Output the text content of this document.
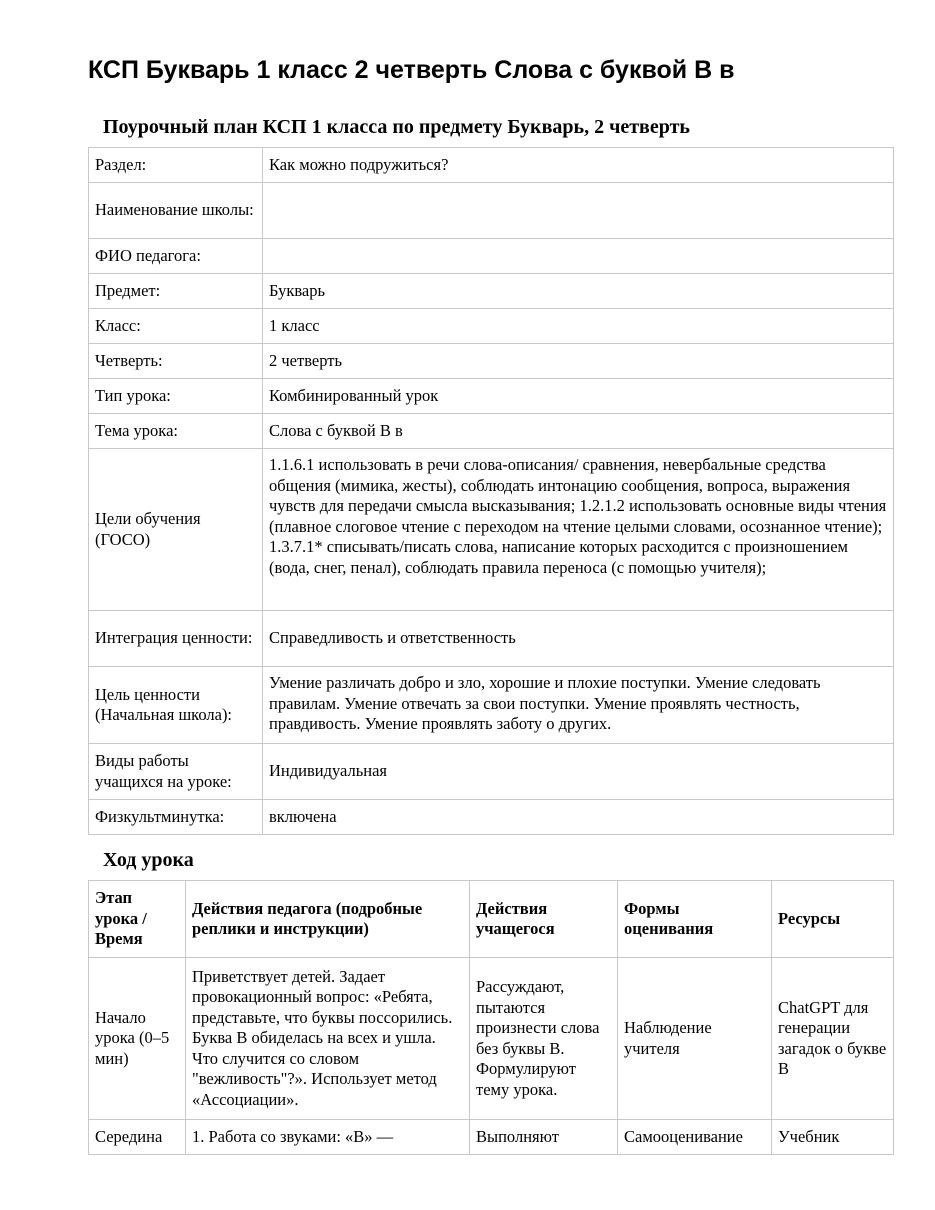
КСП Букварь 1 класс 2 четверть Слова с буквой В в
Поурочный план КСП 1 класса по предмету Букварь, 2 четверть
Раздел:	Как можно подружиться?
Наименование школы:	
ФИО педагога:	
Предмет:	Букварь
Класс:	1 класс
Четверть:	2 четверть
Тип урока:	Комбинированный урок
Тема урока:	Слова с буквой В в
Цели обучения (ГОСО)	1.1.6.1 использовать в речи слова-описания/ сравнения, невербальные средства общения (мимика, жесты), соблюдать интонацию сообщения, вопроса, выражения чувств для передачи смысла высказывания; 1.2.1.2 использовать основные виды чтения (плавное слоговое чтение с переходом на чтение целыми словами, осознанное чтение); 1.3.7.1* списывать/писать слова, написание которых расходится с произношением (вода, снег, пенал), соблюдать правила переноса (с помощью учителя);
Интеграция ценности:	Справедливость и ответственность
Цель ценности (Начальная школа):	Умение различать добро и зло, хорошие и плохие поступки. Умение следовать правилам. Умение отвечать за свои поступки. Умение проявлять честность, правдивость. Умение проявлять заботу о других.
Виды работы учащихся на уроке:	Индивидуальная
Физкультминутка:	включена
Ход урока
Этап урока / Время	Действия педагога (подробные реплики и инструкции)	Действия учащегося	Формы оценивания	Ресурсы
Начало урока (0–5 мин)	Приветствует детей. Задает провокационный вопрос: «Ребята, представьте, что буквы поссорились. Буква В обиделась на всех и ушла. Что случится со словом "вежливость"?». Использует метод «Ассоциации».	Рассуждают, пытаются произнести слова без буквы В. Формулируют тему урока.	Наблюдение учителя	ChatGPT для генерации загадок о букве В
Середина	1. Работа со звуками: «В» —	Выполняют	Самооценивание	Учебник
